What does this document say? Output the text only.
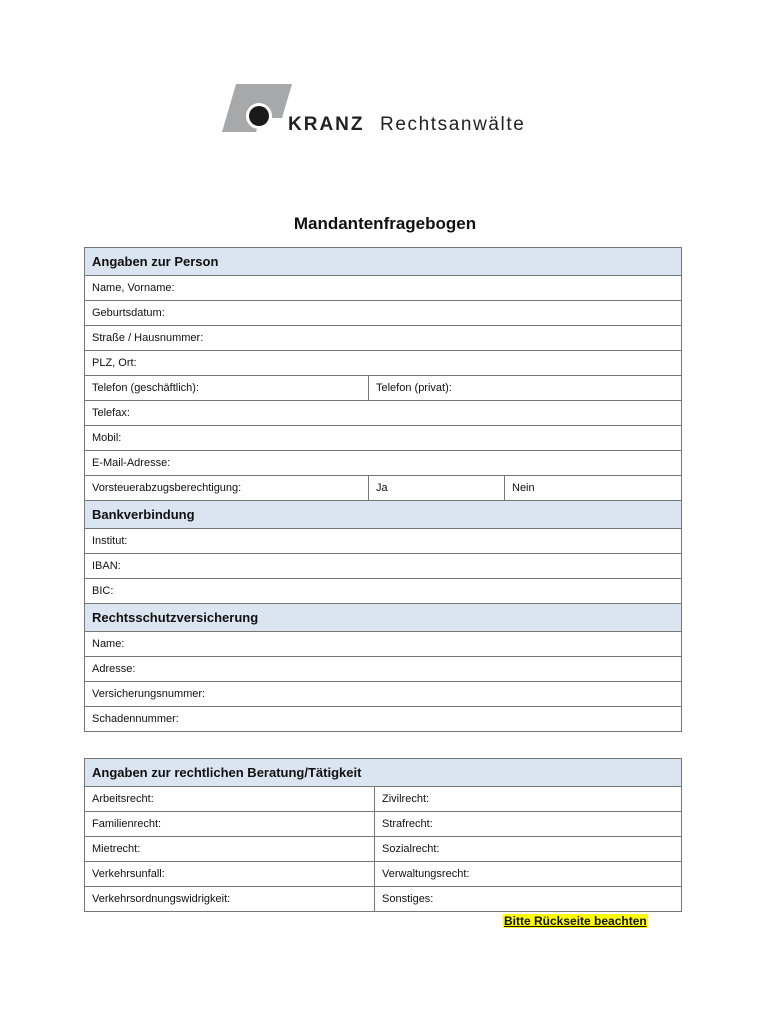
KRANZ Rechtsanwälte
Mandantenfragebogen
Angaben zur Person		
Name, Vorname:		
Geburtsdatum:		
Straße / Hausnummer:		
PLZ, Ort:		
Telefon (geschäftlich):	Telefon (privat):	
Telefax:		
Mobil:		
E-Mail-Adresse:		
Vorsteuerabzugsberechtigung:	Ja	Nein
Bankverbindung		
Institut:		
IBAN:		
BIC:		
Rechtsschutzversicherung		
Name:		
Adresse:		
Versicherungsnummer:		
Schadennummer:		
Angaben zur rechtlichen Beratung/Tätigkeit	
Arbeitsrecht:	Zivilrecht:
Familienrecht:	Strafrecht:
Mietrecht:	Sozialrecht:
Verkehrsunfall:	Verwaltungsrecht:
Verkehrsordnungswidrigkeit:	Sonstiges:
Bitte Rückseite beachten
